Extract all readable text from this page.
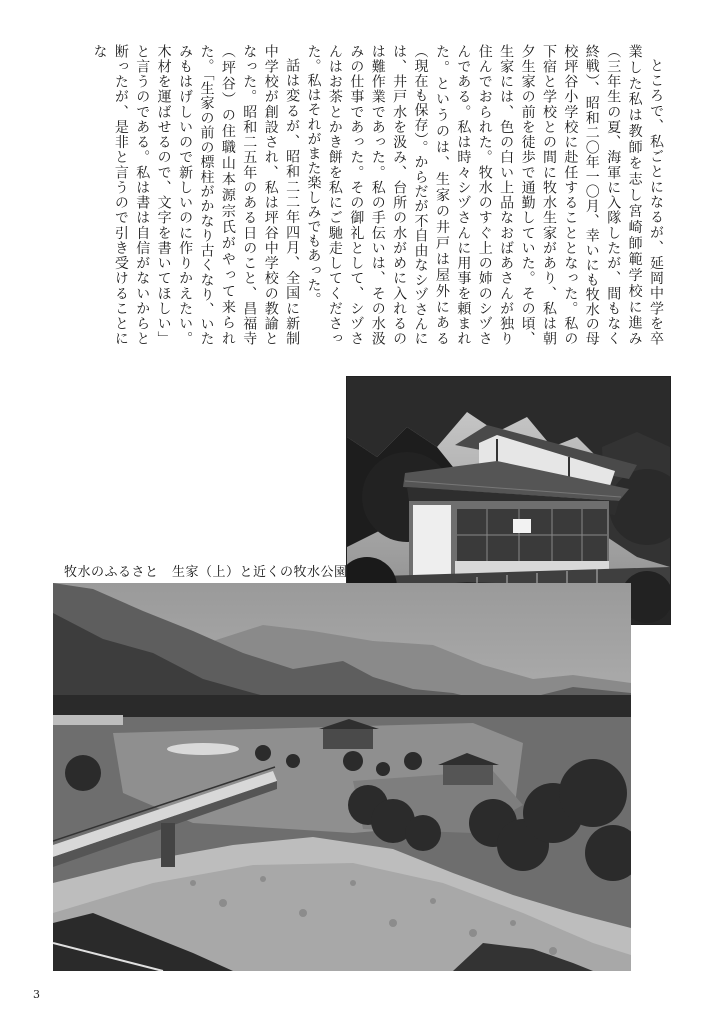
ところで、私ごとになるが、延岡中学を卒業した私は教師を志し宮崎師範学校に進み（三年生の夏、海軍に入隊したが、間もなく終戦）、昭和二〇年一〇月、幸いにも牧水の母校坪谷小学校に赴任することとなった。私の下宿と学校との間に牧水生家があり、私は朝夕生家の前を徒歩で通勤していた。その頃、生家には、色の白い上品なおばあさんが独り住んでおられた。牧水のすぐ上の姉のシヅさんである。私は時々シヅさんに用事を頼まれた。というのは、生家の井戸は屋外にある（現在も保存）。からだが不自由なシヅさんには、井戸水を汲み、台所の水がめに入れるのは難作業であった。私の手伝いは、その水汲みの仕事であった。その御礼として、シヅさんはお茶とかき餅を私にご馳走してくださった。私はそれがまた楽しみでもあった。

話は変るが、昭和二二年四月、全国に新制中学校が創設され、私は坪谷中学校の教諭となった。昭和二五年のある日のこと、昌福寺（坪谷）の住職山本源宗氏がやって来られた。「生家の前の標柱がかなり古くなり、いたみもはげしいので新しいのに作りかえたい。木材を運ばせるので、文字を書いてほしい」と言うのである。私は書は自信がないからと断ったが、是非と言うので引き受けることにな

牧水のふるさと　生家（上）と近くの牧水公園
3
